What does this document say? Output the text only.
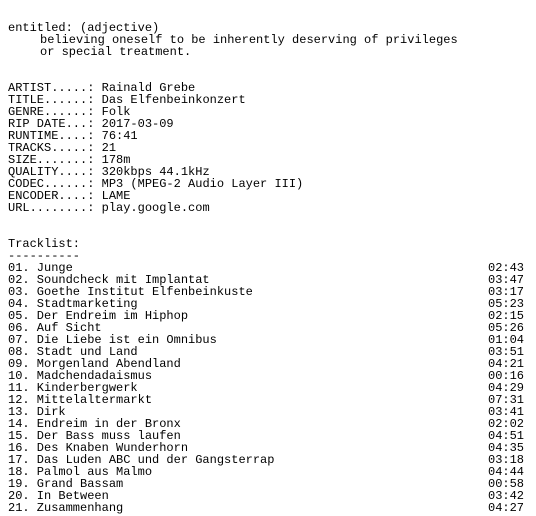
entitled: (adjective)
believing oneself to be inherently deserving of privileges
or special treatment.
ARTIST.....: Rainald Grebe
TITLE......: Das Elfenbeinkonzert
GENRE......: Folk
RIP DATE...: 2017-03-09
RUNTIME....: 76:41
TRACKS.....: 21
SIZE.......: 178m
QUALITY....: 320kbps 44.1kHz
CODEC......: MP3 (MPEG-2 Audio Layer III)
ENCODER....: LAME
URL........: play.google.com
Tracklist:
----------
01. Junge	02:43
02. Soundcheck mit Implantat	03:47
03. Goethe Institut Elfenbeinkuste	03:17
04. Stadtmarketing	05:23
05. Der Endreim im Hiphop	02:15
06. Auf Sicht	05:26
07. Die Liebe ist ein Omnibus	01:04
08. Stadt und Land	03:51
09. Morgenland Abendland	04:21
10. Madchendadaismus	00:16
11. Kinderbergwerk	04:29
12. Mittelaltermarkt	07:31
13. Dirk	03:41
14. Endreim in der Bronx	02:02
15. Der Bass muss laufen	04:51
16. Des Knaben Wunderhorn	04:35
17. Das Luden ABC und der Gangsterrap	03:18
18. Palmol aus Malmo	04:44
19. Grand Bassam	00:58
20. In Between	03:42
21. Zusammenhang	04:27
